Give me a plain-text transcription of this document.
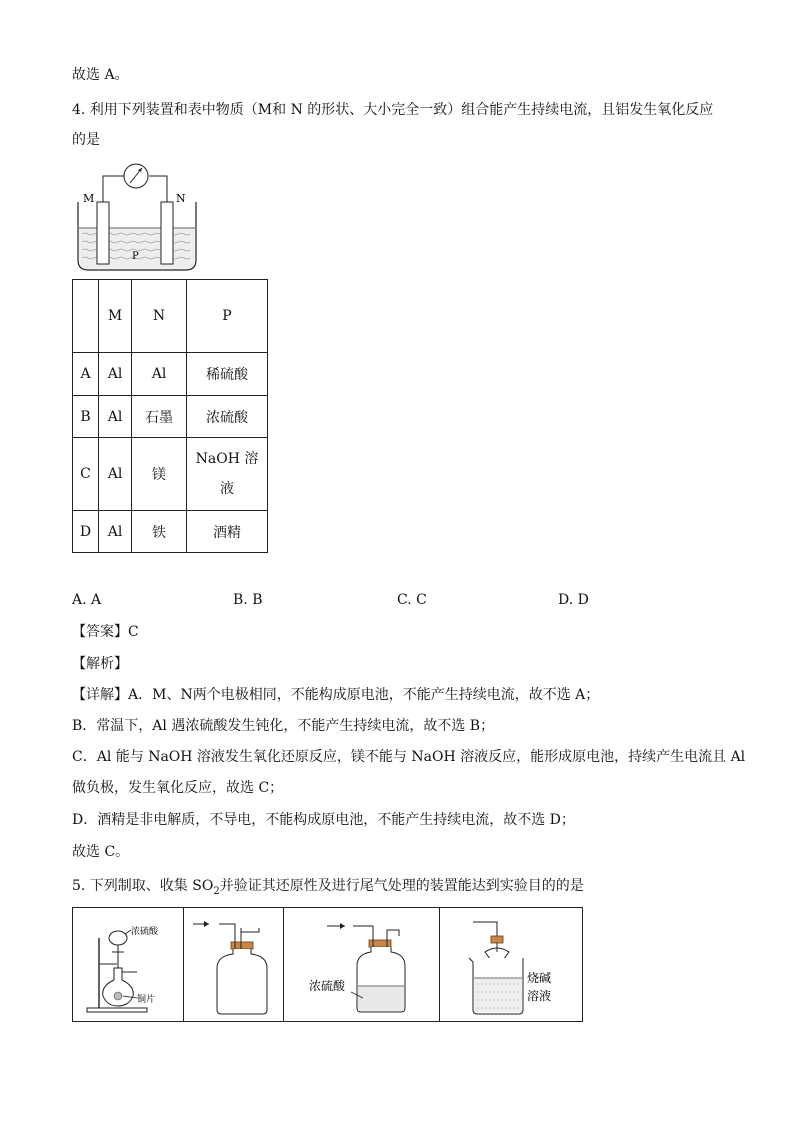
故选 A。
4. 利用下列装置和表中物质（M和 N 的形状、大小完全一致）组合能产生持续电流，且铝发生氧化反应
的是
M	N
P
	M	N	P
A	Al	Al	稀硫酸
B	Al	石墨	浓硫酸
C	Al	镁	NaOH 溶
液

D	Al	铁	酒精
A. A	B. B	C. C	D. D
【答案】C
【解析】
【详解】A．M、N两个电极相同，不能构成原电池，不能产生持续电流，故不选 A；
B．常温下，Al 遇浓硫酸发生钝化，不能产生持续电流，故不选 B；
C．Al 能与 NaOH 溶液发生氧化还原反应，镁不能与 NaOH 溶液反应，能形成原电池，持续产生电流且 Al
做负极，发生氧化反应，故选 C；
D．酒精是非电解质，不导电，不能构成原电池，不能产生持续电流，故不选 D；
故选 C。
5. 下列制取、收集 $SO_2$并验证其还原性及进行尾气处理的装置能达到实验目的的是
浓硫酸
铜片
浓硫酸
烧碱
溶液
